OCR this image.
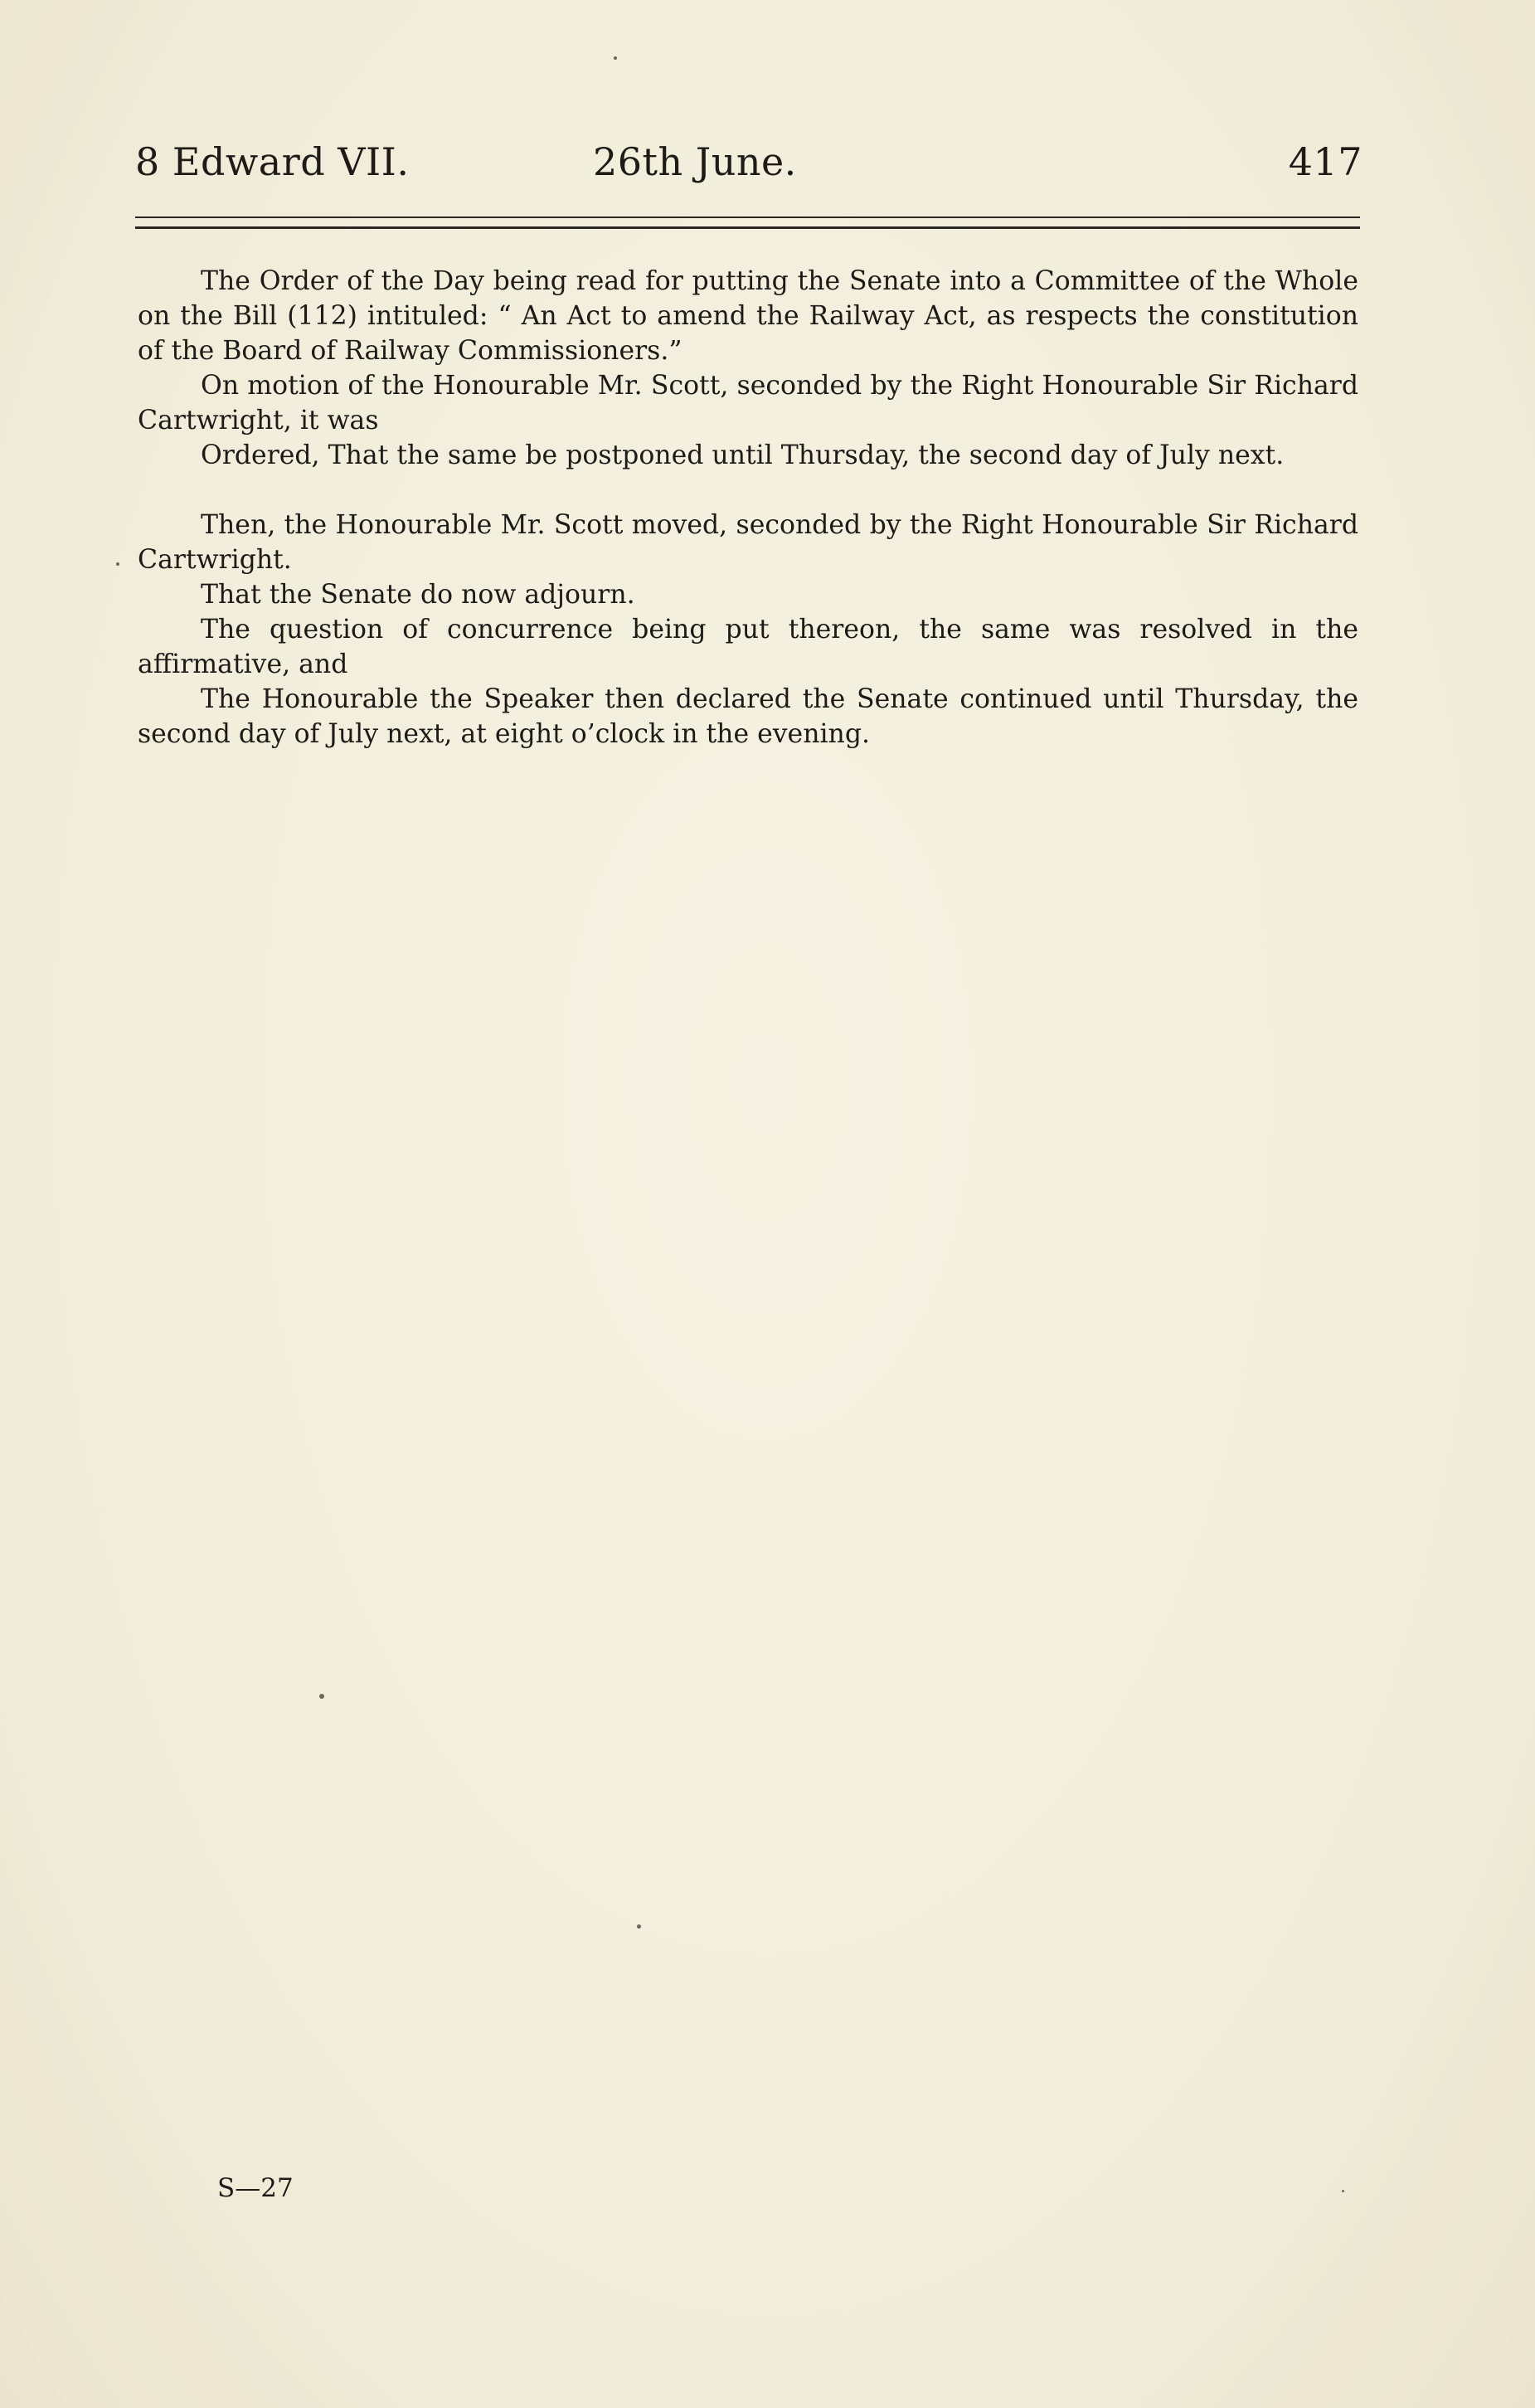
8 Edward VII.	26th June.	417

The Order of the Day being read for putting the Senate into a Committee of the Whole on the Bill (112) intituled: “ An Act to amend the Railway Act, as respects the constitution of the Board of Railway Commissioners.”

On motion of the Honourable Mr. Scott, seconded by the Right Honourable Sir Richard Cartwright, it was

Ordered, That the same be postponed until Thursday, the second day of July next.

Then, the Honourable Mr. Scott moved, seconded by the Right Honourable Sir Richard Cartwright.

That the Senate do now adjourn.

The question of concurrence being put thereon, the same was resolved in the affirmative, and

The Honourable the Speaker then declared the Senate continued until Thursday, the second day of July next, at eight o’clock in the evening.

S—27
